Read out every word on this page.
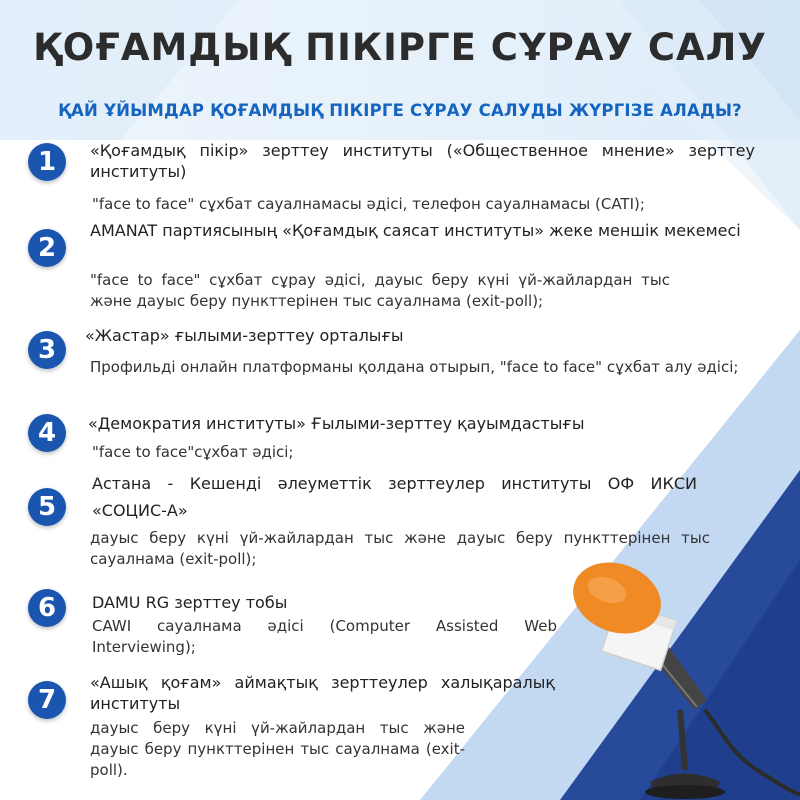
ҚОҒАМДЫҚ ПІКІРГЕ СҰРАУ САЛУ
ҚАЙ ҰЙЫМДАР ҚОҒАМДЫҚ ПІКІРГЕ СҰРАУ САЛУДЫ ЖҮРГІЗЕ АЛАДЫ?
1	«Қоғамдық пікір» зерттеу институты («Общественное мнение» зерттеу институты)
"face to face" сұхбат сауалнамасы әдісі, телефон сауалнамасы (CATI);
2
AMANAT партиясының «Қоғамдық саясат институты» жеке меншік мекемесі
"face to face" сұхбат сұрау әдісі, дауыс беру күні үй-жайлардан тыс және дауыс беру пункттерінен тыс сауалнама (exit-poll);
3	«Жастар» ғылыми-зерттеу орталығы
Профильді онлайн платформаны қолдана отырып, "face to face" сұхбат алу әдісі;
4	«Демократия институты» Ғылыми-зерттеу қауымдастығы
"face to face"сұхбат әдісі;
5
Астана - Кешенді әлеуметтік зерттеулер институты ОФ ИКСИ «СОЦИС-А»
дауыс беру күні үй-жайлардан тыс және дауыс беру пункттерінен тыс сауалнама (exit-poll);
6	DAMU RG зерттеу тобы
CAWI сауалнама әдісі (Computer Assisted Web Interviewing);
7
«Ашық қоғам» аймақтық зерттеулер халықаралық институты
дауыс беру күні үй-жайлардан тыс және дауыс беру пункттерінен тыс сауалнама (exit-poll).
